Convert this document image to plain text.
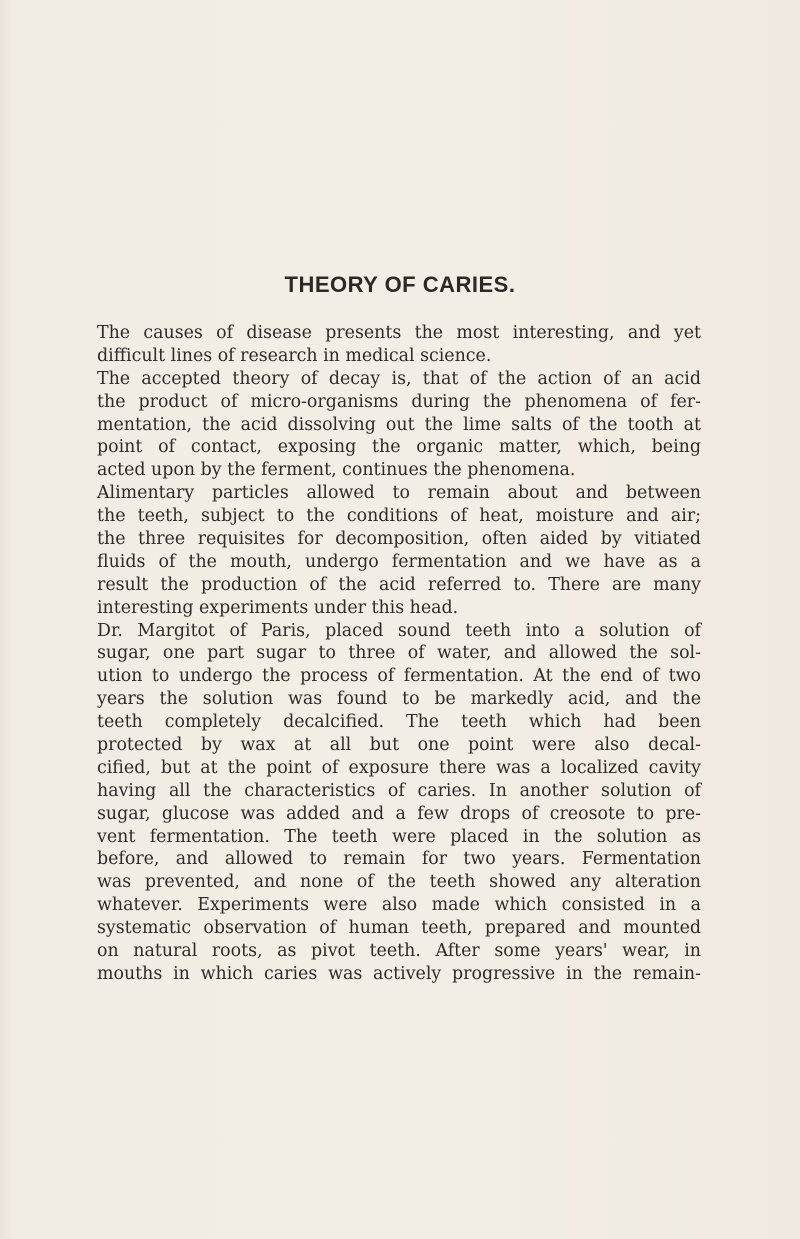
THEORY OF CARIES.
The causes of disease presents the most interesting, and yet
difficult lines of research in medical science.
The accepted theory of decay is, that of the action of an acid
the product of micro-organisms during the phenomena of fer-
mentation, the acid dissolving out the lime salts of the tooth at
point of contact, exposing the organic matter, which, being
acted upon by the ferment, continues the phenomena.
Alimentary particles allowed to remain about and between
the teeth, subject to the conditions of heat, moisture and air;
the three requisites for decomposition, often aided by vitiated
fluids of the mouth, undergo fermentation and we have as a
result the production of the acid referred to. There are many
interesting experiments under this head.
Dr. Margitot of Paris, placed sound teeth into a solution of
sugar, one part sugar to three of water, and allowed the sol-
ution to undergo the process of fermentation. At the end of two
years the solution was found to be markedly acid, and the
teeth completely decalcified. The teeth which had been
protected by wax at all but one point were also decal-
cified, but at the point of exposure there was a localized cavity
having all the characteristics of caries. In another solution of
sugar, glucose was added and a few drops of creosote to pre-
vent fermentation. The teeth were placed in the solution as
before, and allowed to remain for two years. Fermentation
was prevented, and none of the teeth showed any alteration
whatever. Experiments were also made which consisted in a
systematic observation of human teeth, prepared and mounted
on natural roots, as pivot teeth. After some years' wear, in
mouths in which caries was actively progressive in the remain-
